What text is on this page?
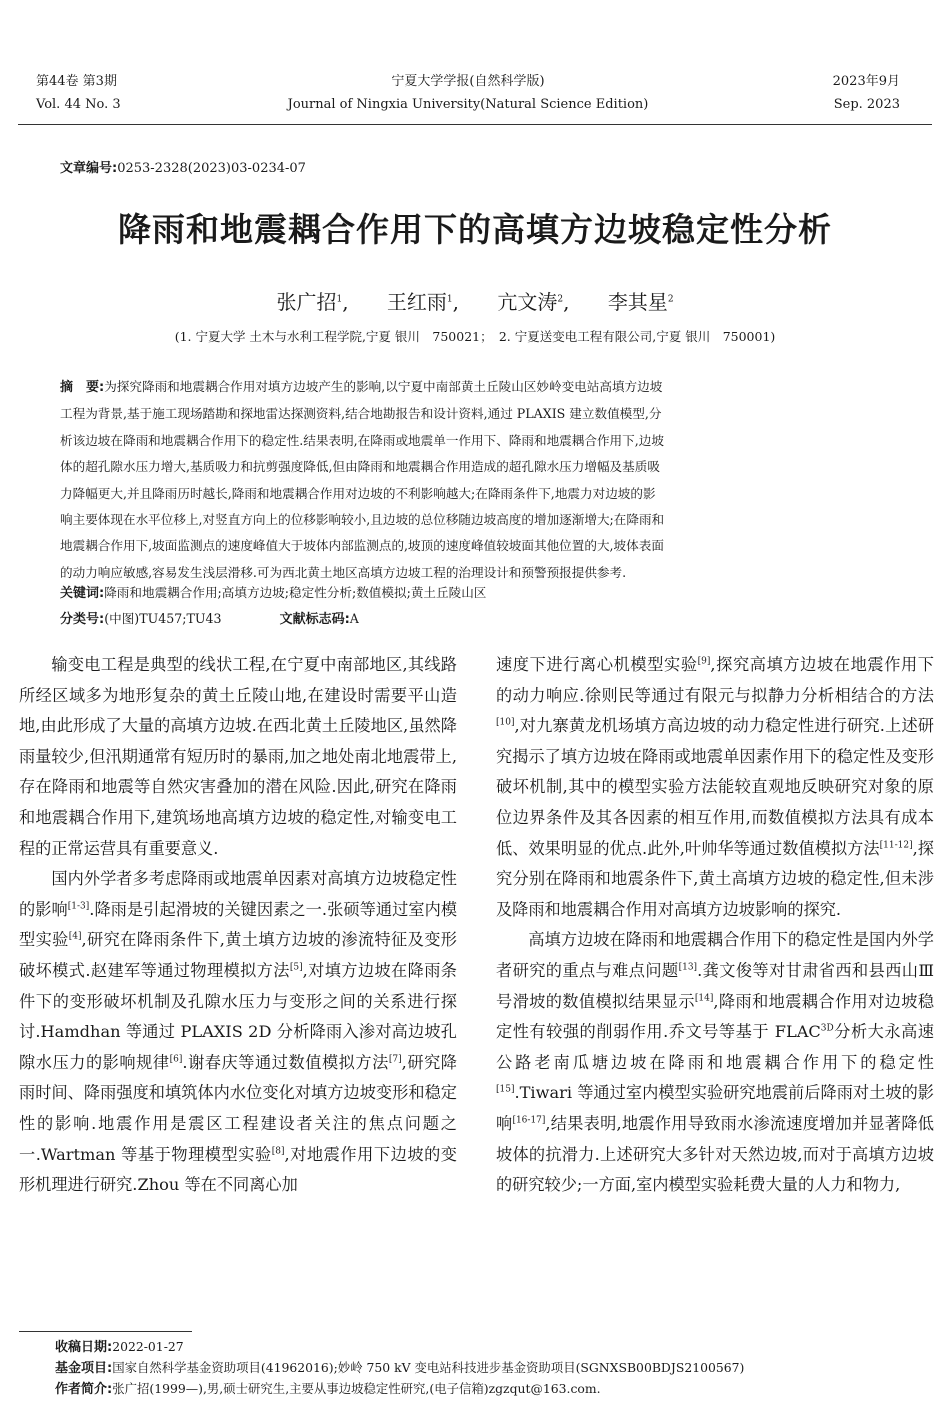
第44卷 第3期
Vol. 44 No. 3
宁夏大学学报(自然科学版)
Journal of Ningxia University(Natural Science Edition)
2023年9月
Sep. 2023
文章编号:0253-2328(2023)03-0234-07
降雨和地震耦合作用下的高填方边坡稳定性分析
张广招$^1$, 王红雨$^1$, 亢文涛$^2$, 李其星$^2$
(1. 宁夏大学 土木与水利工程学院,宁夏 银川　750021；　2. 宁夏送变电工程有限公司,宁夏 银川　750001)
摘　要:为探究降雨和地震耦合作用对填方边坡产生的影响,以宁夏中南部黄土丘陵山区妙岭变电站高填方边坡
工程为背景,基于施工现场踏勘和探地雷达探测资料,结合地勘报告和设计资料,通过 PLAXIS 建立数值模型,分
析该边坡在降雨和地震耦合作用下的稳定性.结果表明,在降雨或地震单一作用下、降雨和地震耦合作用下,边坡
体的超孔隙水压力增大,基质吸力和抗剪强度降低,但由降雨和地震耦合作用造成的超孔隙水压力增幅及基质吸
力降幅更大,并且降雨历时越长,降雨和地震耦合作用对边坡的不利影响越大;在降雨条件下,地震力对边坡的影
响主要体现在水平位移上,对竖直方向上的位移影响较小,且边坡的总位移随边坡高度的增加逐渐增大;在降雨和
地震耦合作用下,坡面监测点的速度峰值大于坡体内部监测点的,坡顶的速度峰值较坡面其他位置的大,坡体表面
的动力响应敏感,容易发生浅层滑移.可为西北黄土地区高填方边坡工程的治理设计和预警预报提供参考.
关键词:降雨和地震耦合作用;高填方边坡;稳定性分析;数值模拟;黄土丘陵山区
分类号:(中图)TU457;TU43	文献标志码:A

输变电工程是典型的线状工程,在宁夏中南部地区,其线路所经区域多为地形复杂的黄土丘陵山地,在建设时需要平山造地,由此形成了大量的高填方边坡.在西北黄土丘陵地区,虽然降雨量较少,但汛期通常有短历时的暴雨,加之地处南北地震带上,存在降雨和地震等自然灾害叠加的潜在风险.因此,研究在降雨和地震耦合作用下,建筑场地高填方边坡的稳定性,对输变电工程的正常运营具有重要意义.

国内外学者多考虑降雨或地震单因素对高填方边坡稳定性的影响[1-3].降雨是引起滑坡的关键因素之一.张硕等通过室内模型实验[4],研究在降雨条件下,黄土填方边坡的渗流特征及变形破坏模式.赵建军等通过物理模拟方法[5],对填方边坡在降雨条件下的变形破坏机制及孔隙水压力与变形之间的关系进行探讨.Hamdhan 等通过 PLAXIS 2D 分析降雨入渗对高边坡孔隙水压力的影响规律[6].谢春庆等通过数值模拟方法[7],研究降雨时间、降雨强度和填筑体内水位变化对填方边坡变形和稳定性的影响.地震作用是震区工程建设者关注的焦点问题之一.Wartman 等基于物理模型实验[8],对地震作用下边坡的变形机理进行研究.Zhou 等在不同离心加

速度下进行离心机模型实验[9],探究高填方边坡在地震作用下的动力响应.徐则民等通过有限元与拟静力分析相结合的方法[10],对九寨黄龙机场填方高边坡的动力稳定性进行研究.上述研究揭示了填方边坡在降雨或地震单因素作用下的稳定性及变形破坏机制,其中的模型实验方法能较直观地反映研究对象的原位边界条件及其各因素的相互作用,而数值模拟方法具有成本低、效果明显的优点.此外,叶帅华等通过数值模拟方法[11-12],探究分别在降雨和地震条件下,黄土高填方边坡的稳定性,但未涉及降雨和地震耦合作用对高填方边坡影响的探究.

高填方边坡在降雨和地震耦合作用下的稳定性是国内外学者研究的重点与难点问题[13].龚文俊等对甘肃省西和县西山Ⅲ号滑坡的数值模拟结果显示[14],降雨和地震耦合作用对边坡稳定性有较强的削弱作用.乔文号等基于 $FLAC^{3D}$分析大永高速公路老南瓜塘边坡在降雨和地震耦合作用下的稳定性[15].Tiwari 等通过室内模型实验研究地震前后降雨对土坡的影响[16-17],结果表明,地震作用导致雨水渗流速度增加并显著降低坡体的抗滑力.上述研究大多针对天然边坡,而对于高填方边坡的研究较少;一方面,室内模型实验耗费大量的人力和物力,

收稿日期:2022-01-27
基金项目:国家自然科学基金资助项目(41962016);妙岭 750 kV 变电站科技进步基金资助项目(SGNXSB00BDJS2100567)
作者简介:张广招(1999—),男,硕士研究生,主要从事边坡稳定性研究,(电子信箱)zgzqut@163.com.
